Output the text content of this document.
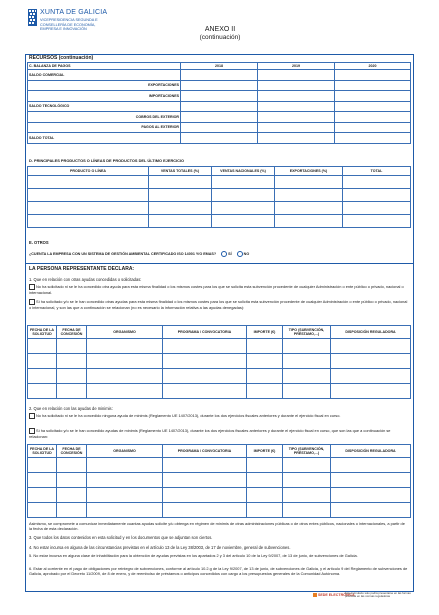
XUNTA DE GALICIA
VICEPRESIDENCIA SEGUNDA E
CONSELLERÍA DE ECONOMÍA,
EMPRESA E INNOVACIÓN	ANEXO II
(continuación)
RECURSOS (continuación)
C. BALANZA DE PAGOS	2018	2019	2020
SALDO COMERCIAL			
EXPORTACIONES			
IMPORTACIONES			
SALDO TECNOLÓGICO			
COBROS DEL EXTERIOR			
PAGOS AL EXTERIOR			
SALDO TOTAL			
D. PRINCIPALES PRODUCTOS O LÍNEAS DE PRODUCTOS DEL ÚLTIMO EJERCICIO
PRODUCTO O LÍNEA	VENTAS TOTALES (%)	VENTAS NACIONALES (%)	EXPORTACIONES (%)	TOTAL

E. OTROS
¿CUENTA LA EMPRESA CON UN SISTEMA DE GESTIÓN AMBIENTAL CERTIFICADO ISO 14001 Y/O EMAS?	SÍ	NO
LA PERSONA REPRESENTANTE DECLARA:
1. Que en relación con otras ayudas concedidas o solicitadas:
No ha solicitado ni se le ha concedido otra ayuda para esta misma finalidad o los mismos costes para los que se solicita esta subvención procedente de cualquier Administración o ente público o privado, nacional o internacional.
Sí ha solicitado y/o se le han concedido otras ayudas para esta misma finalidad o los mismos costes para los que se solicita esta subvención procedente de cualquier Administración o ente público o privado, nacional o internacional, y son las que a continuación se relacionan (no es necesario la información relativa a las ayudas denegadas):
FECHA DE LA SOLICITUD	FECHA DE CONCESIÓN	ORGANISMO	PROGRAMA / CONVOCATORIA	IMPORTE (€)	TIPO (SUBVENCIÓN, PRÉSTAMO,...)	DISPOSICIÓN REGULADORA

2. Que en relación con las ayudas de minimis:
No ha solicitado ni se le ha concedido ninguna ayuda de minimis (Reglamento UE 1407/2013), durante los dos ejercicios fiscales anteriores y durante el ejercicio fiscal en curso.
Sí ha solicitado y/o se le han concedido ayudas de minimis (Reglamento UE 1407/2013), durante los dos ejercicios fiscales anteriores y durante el ejercicio fiscal en curso, que son las que a continuación se relacionan:
FECHA DE LA SOLICITUD	FECHA DE CONCESIÓN	ORGANISMO	PROGRAMA / CONVOCATORIA	IMPORTE (€)	TIPO (SUBVENCIÓN, PRÉSTAMO,...)	DISPOSICIÓN REGULADORA

Asimismo, se compromete a comunicar inmediatamente cuantas ayudas solicite y/u obtenga en régimen de minimis de otras administraciones públicas o de otros entes públicos, nacionales o internacionales, a partir de la fecha de esta declaración.
3. Que todos los datos contenidos en esta solicitud y en los documentos que se adjuntan son ciertos.
4. No estar incursa en alguna de las circunstancias previstas en el artículo 13 de la Ley 38/2003, de 17 de noviembre, general de subvenciones.
5. No estar incursa en alguna clase de inhabilitación para la obtención de ayudas previstas en los apartados 2 y 3 del artículo 10 de la Ley 9/2007, de 13 de junio, de subvenciones de Galicia.
6. Estar al corriente en el pago de obligaciones por reintegro de subvenciones, conforme al artículo 10.2.g de la Ley 9/2007, de 13 de junio, de subvenciones de Galicia, y el artículo 9 del Reglamento de subvenciones de Galicia, aprobado por el Decreto 11/2009, de 8 de enero, y de reembolso de préstamos o anticipos concedidos con cargo a los presupuestos generales de la Comunidad Autónoma.
SEDE ELECTRÓNICA
Este formulario solo podrá presentarse en las formas previstas en las normas reguladoras
